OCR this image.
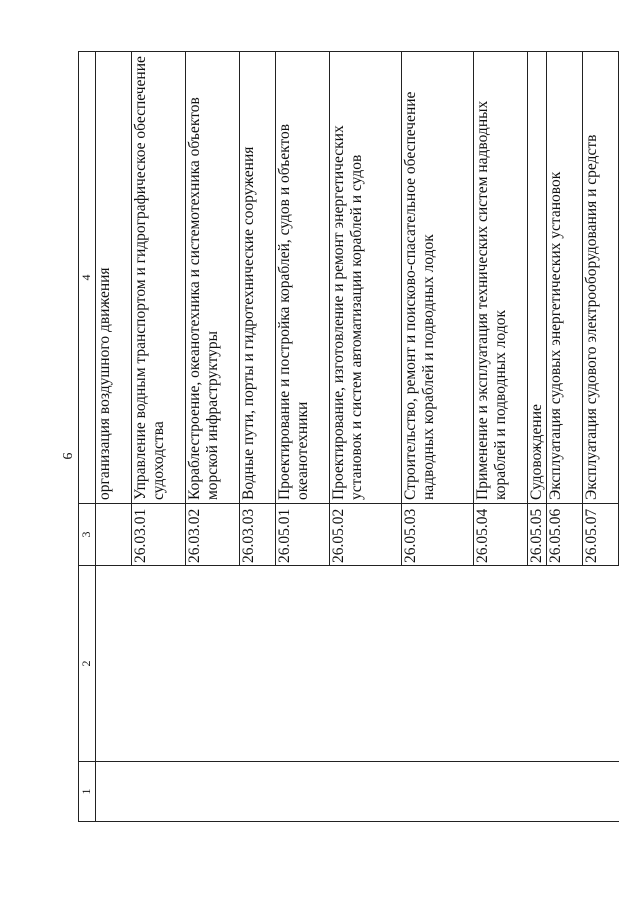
9
1	2	3	4
			организация воздушного движения
		26.03.01	Управление водным транспортом и гидрографическое обеспечение судоходства
		26.03.02	Кораблестроение, океанотехника и системотехника объектов морской инфраструктуры
		26.03.03	Водные пути, порты и гидротехнические сооружения
		26.05.01	Проектирование и постройка кораблей, судов и объектов океанотехники
		26.05.02	Проектирование, изготовление и ремонт энергетических установок и систем автоматизации кораблей и судов
		26.05.03	Строительство, ремонт и поисково-спасательное обеспечение надводных кораблей и подводных лодок
		26.05.04	Применение и эксплуатация технических систем надводных кораблей и подводных лодок
		26.05.05	Судовождение
		26.05.06	Эксплуатация судовых энергетических установок
		26.05.07	Эксплуатация судового электрооборудования и средств
